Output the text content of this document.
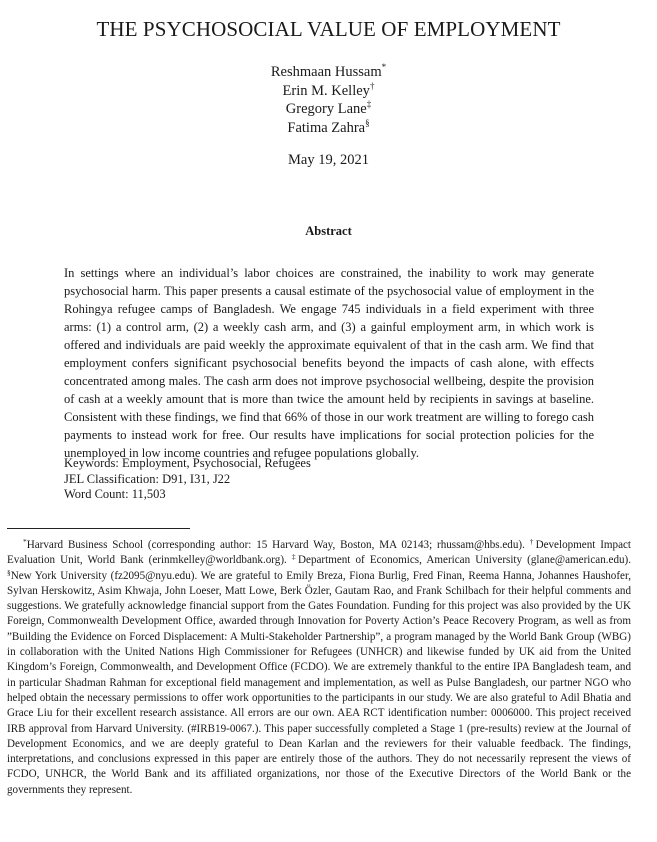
THE PSYCHOSOCIAL VALUE OF EMPLOYMENT
Reshmaan Hussam*
Erin M. Kelley†
Gregory Lane‡
Fatima Zahra§
May 19, 2021
Abstract
In settings where an individual’s labor choices are constrained, the inability to work may generate psychosocial harm. This paper presents a causal estimate of the psychosocial value of employment in the Rohingya refugee camps of Bangladesh. We engage 745 individuals in a field experiment with three arms: (1) a control arm, (2) a weekly cash arm, and (3) a gainful employment arm, in which work is offered and individuals are paid weekly the approximate equivalent of that in the cash arm. We find that employment confers significant psychosocial benefits beyond the impacts of cash alone, with effects concentrated among males. The cash arm does not improve psychosocial wellbeing, despite the provision of cash at a weekly amount that is more than twice the amount held by recipients in savings at baseline. Consistent with these findings, we find that 66% of those in our work treatment are willing to forego cash payments to instead work for free. Our results have implications for social protection policies for the unemployed in low income countries and refugee populations globally.
Keywords: Employment, Psychosocial, Refugees
JEL Classification: D91, I31, J22
Word Count: 11,503
*Harvard Business School (corresponding author: 15 Harvard Way, Boston, MA 02143; rhussam@hbs.edu). †Development Impact Evaluation Unit, World Bank (erinmkelley@worldbank.org). ‡Department of Economics, American University (glane@american.edu). §New York University (fz2095@nyu.edu). We are grateful to Emily Breza, Fiona Burlig, Fred Finan, Reema Hanna, Johannes Haushofer, Sylvan Herskowitz, Asim Khwaja, John Loeser, Matt Lowe, Berk Özler, Gautam Rao, and Frank Schilbach for their helpful comments and suggestions. We gratefully acknowledge financial support from the Gates Foundation. Funding for this project was also provided by the UK Foreign, Commonwealth Development Office, awarded through Innovation for Poverty Action’s Peace Recovery Program, as well as from ”Building the Evidence on Forced Displacement: A Multi-Stakeholder Partnership”, a program managed by the World Bank Group (WBG) in collaboration with the United Nations High Commissioner for Refugees (UNHCR) and likewise funded by UK aid from the United Kingdom’s Foreign, Commonwealth, and Development Office (FCDO). We are extremely thankful to the entire IPA Bangladesh team, and in particular Shadman Rahman for exceptional field management and implementation, as well as Pulse Bangladesh, our partner NGO who helped obtain the necessary permissions to offer work opportunities to the participants in our study. We are also grateful to Adil Bhatia and Grace Liu for their excellent research assistance. All errors are our own. AEA RCT identification number: 0006000. This project received IRB approval from Harvard University. (#IRB19-0067.). This paper successfully completed a Stage 1 (pre-results) review at the Journal of Development Economics, and we are deeply grateful to Dean Karlan and the reviewers for their valuable feedback. The findings, interpretations, and conclusions expressed in this paper are entirely those of the authors. They do not necessarily represent the views of FCDO, UNHCR, the World Bank and its affiliated organizations, nor those of the Executive Directors of the World Bank or the governments they represent.
